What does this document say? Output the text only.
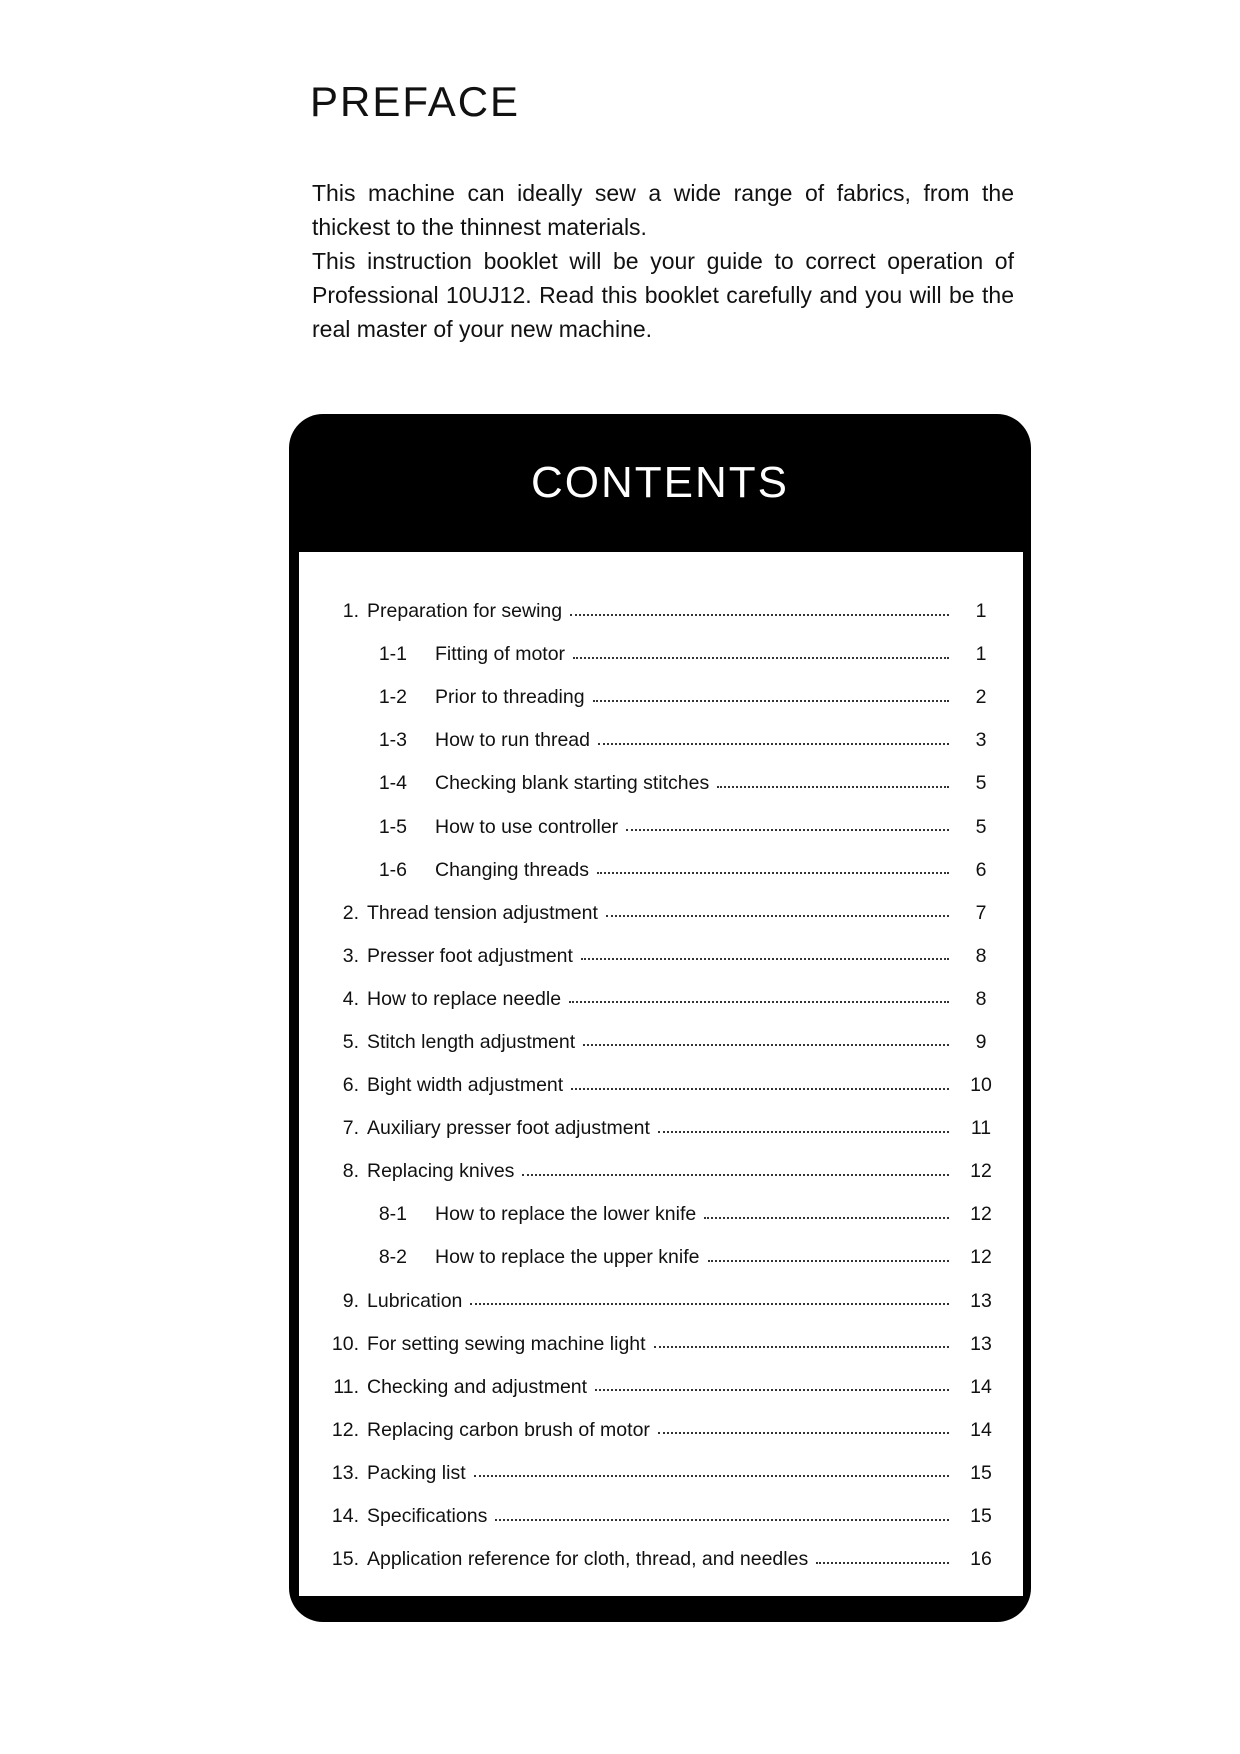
PREFACE

This machine can ideally sew a wide range of fabrics, from the thickest to the thinnest materials.

This instruction booklet will be your guide to correct operation of Professional 10UJ12. Read this booklet carefully and you will be the real master of your new machine.

CONTENTS
1. Preparation for sewing	1
1-1 Fitting of motor	1
1-2 Prior to threading	2
1-3 How to run thread	3
1-4 Checking blank starting stitches	5
1-5 How to use controller	5
1-6 Changing threads	6
2. Thread tension adjustment	7
3. Presser foot adjustment	8
4. How to replace needle	8
5. Stitch length adjustment	9
6. Bight width adjustment	10
7. Auxiliary presser foot adjustment	11
8. Replacing knives	12
8-1 How to replace the lower knife	12
8-2 How to replace the upper knife	12
9. Lubrication	13
10. For setting sewing machine light	13
11. Checking and adjustment	14
12. Replacing carbon brush of motor	14
13. Packing list	15
14. Specifications	15
15. Application reference for cloth, thread, and needles	16
